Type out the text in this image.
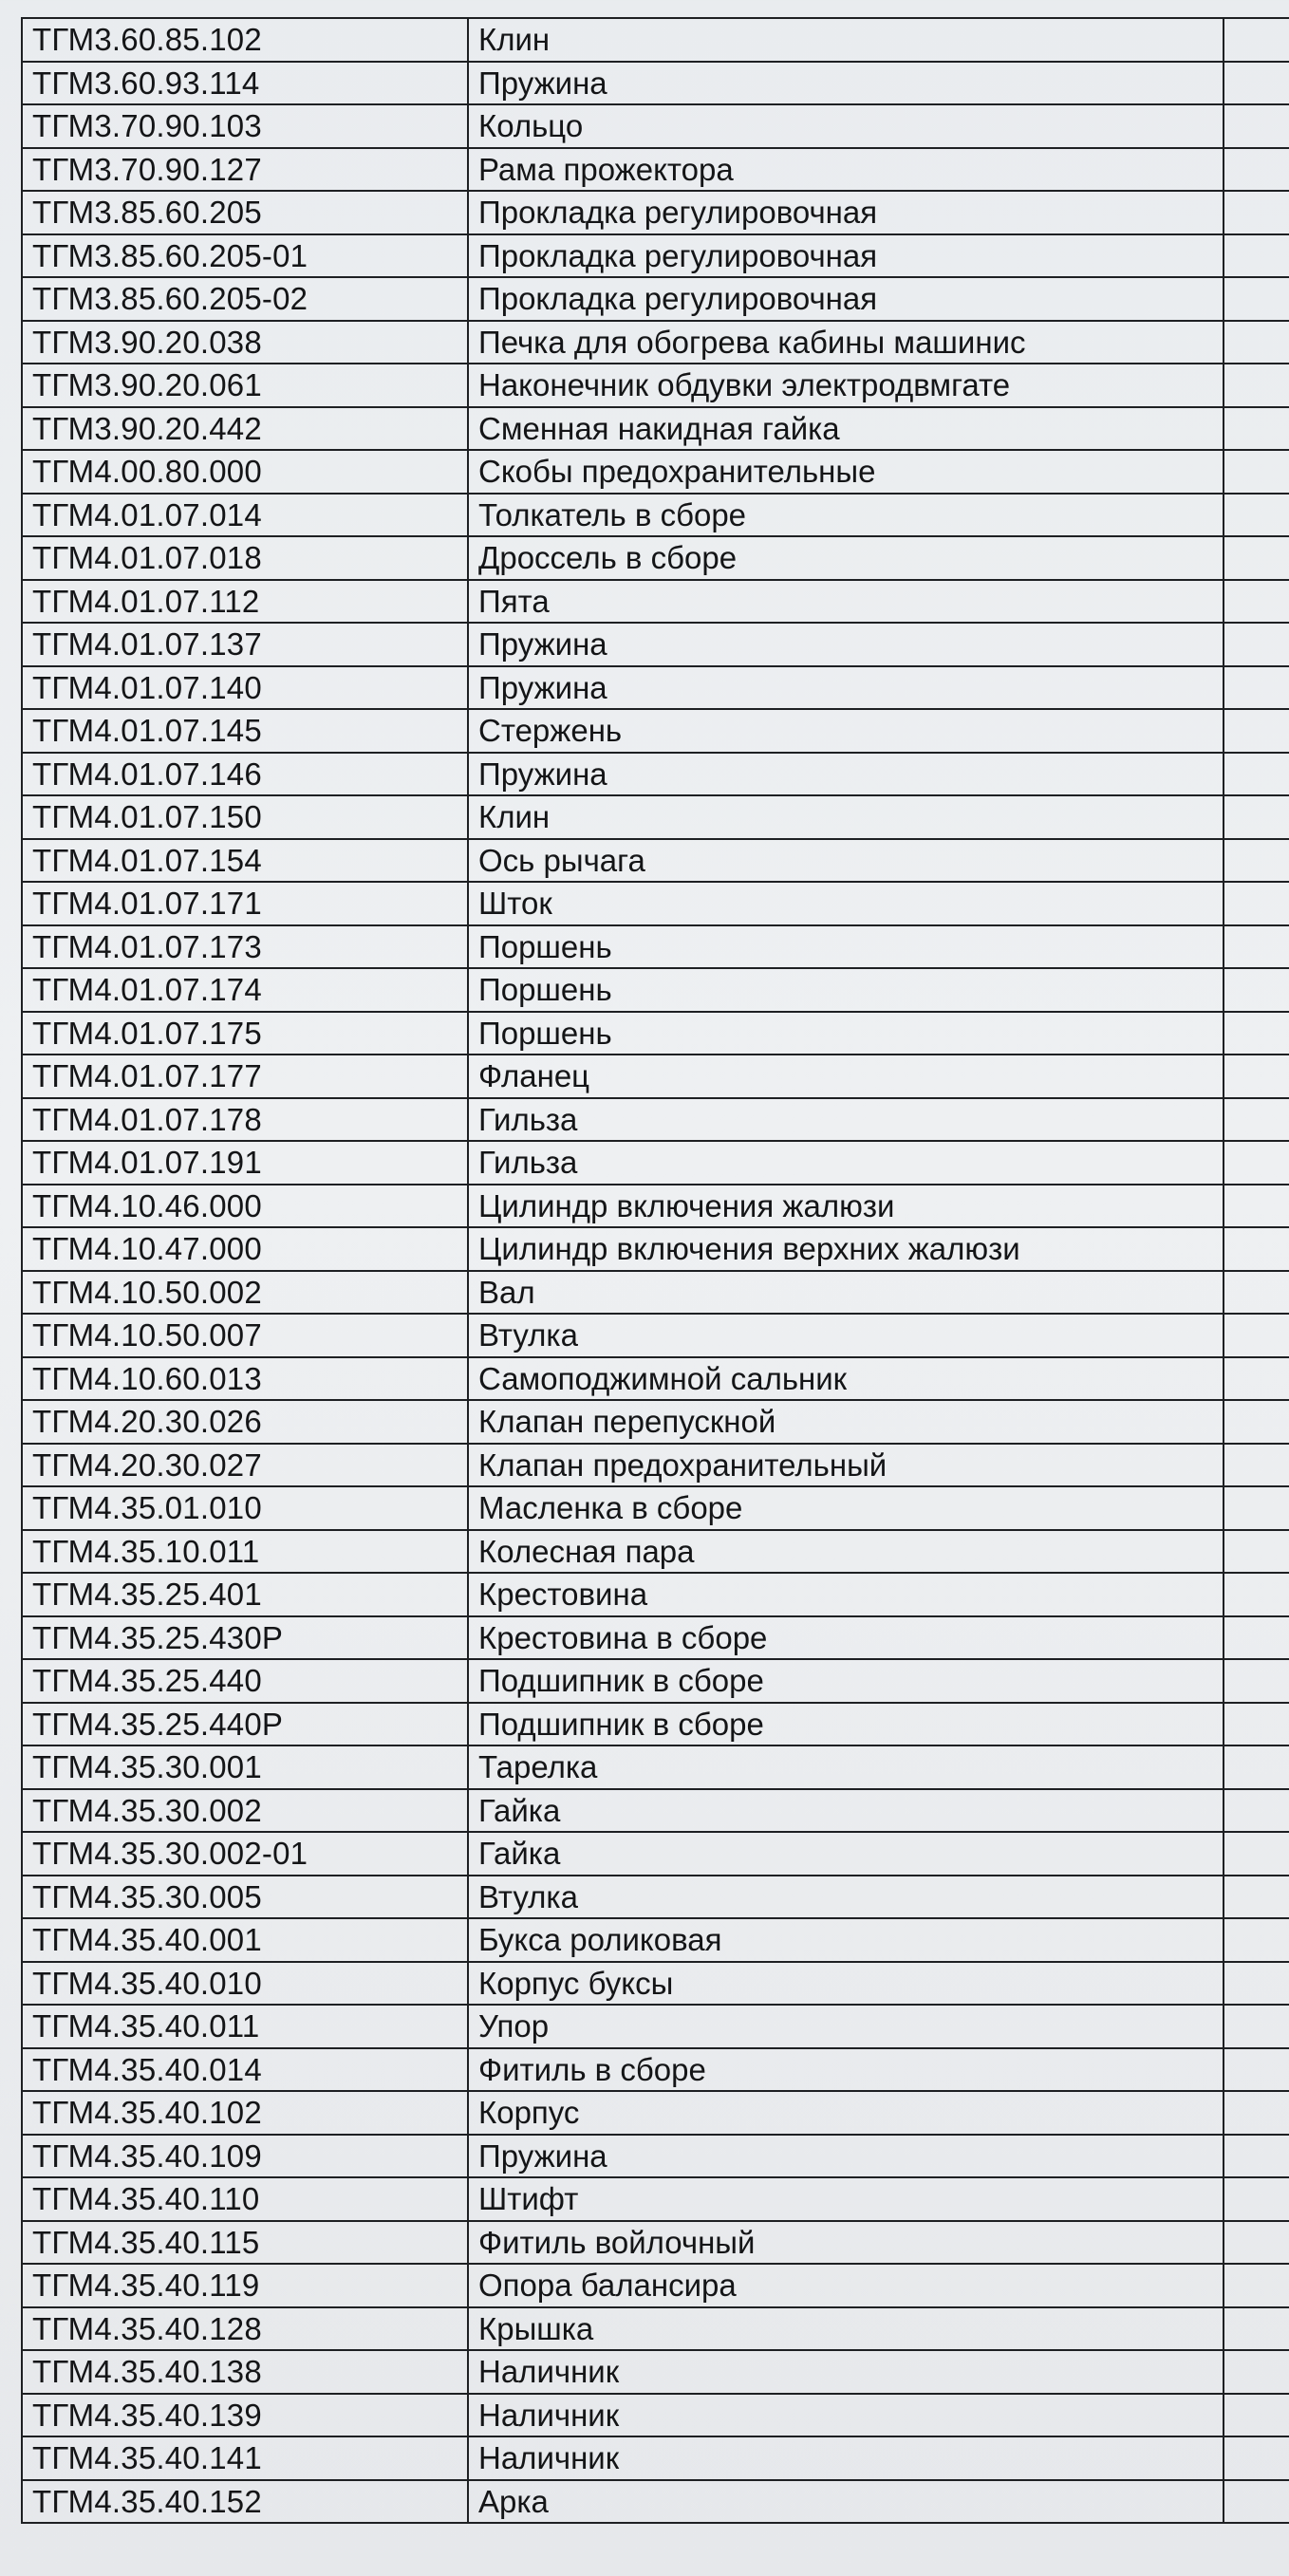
ТГМ3.60.85.102	Клин	
ТГМ3.60.93.114	Пружина	
ТГМ3.70.90.103	Кольцо	
ТГМ3.70.90.127	Рама прожектора	
ТГМ3.85.60.205	Прокладка регулировочная	
ТГМ3.85.60.205-01	Прокладка регулировочная	
ТГМ3.85.60.205-02	Прокладка регулировочная	
ТГМ3.90.20.038	Печка для обогрева кабины машинис	
ТГМ3.90.20.061	Наконечник обдувки электродвмгате	
ТГМ3.90.20.442	Сменная накидная гайка	
ТГМ4.00.80.000	Скобы предохранительные	
ТГМ4.01.07.014	Толкатель в сборе	
ТГМ4.01.07.018	Дроссель в сборе	
ТГМ4.01.07.112	Пята	
ТГМ4.01.07.137	Пружина	
ТГМ4.01.07.140	Пружина	
ТГМ4.01.07.145	Стержень	
ТГМ4.01.07.146	Пружина	
ТГМ4.01.07.150	Клин	
ТГМ4.01.07.154	Ось рычага	
ТГМ4.01.07.171	Шток	
ТГМ4.01.07.173	Поршень	
ТГМ4.01.07.174	Поршень	
ТГМ4.01.07.175	Поршень	
ТГМ4.01.07.177	Фланец	
ТГМ4.01.07.178	Гильза	
ТГМ4.01.07.191	Гильза	
ТГМ4.10.46.000	Цилиндр включения жалюзи	
ТГМ4.10.47.000	Цилиндр включения верхних жалюзи	
ТГМ4.10.50.002	Вал	
ТГМ4.10.50.007	Втулка	
ТГМ4.10.60.013	Самоподжимной сальник	
ТГМ4.20.30.026	Клапан перепускной	
ТГМ4.20.30.027	Клапан предохранительный	
ТГМ4.35.01.010	Масленка в сборе	
ТГМ4.35.10.011	Колесная пара	
ТГМ4.35.25.401	Крестовина	
ТГМ4.35.25.430Р	Крестовина в сборе	
ТГМ4.35.25.440	Подшипник в сборе	
ТГМ4.35.25.440Р	Подшипник в сборе	
ТГМ4.35.30.001	Тарелка	
ТГМ4.35.30.002	Гайка	
ТГМ4.35.30.002-01	Гайка	
ТГМ4.35.30.005	Втулка	
ТГМ4.35.40.001	Букса роликовая	
ТГМ4.35.40.010	Корпус буксы	
ТГМ4.35.40.011	Упор	
ТГМ4.35.40.014	Фитиль в сборе	
ТГМ4.35.40.102	Корпус	
ТГМ4.35.40.109	Пружина	
ТГМ4.35.40.110	Штифт	
ТГМ4.35.40.115	Фитиль войлочный	
ТГМ4.35.40.119	Опора балансира	
ТГМ4.35.40.128	Крышка	
ТГМ4.35.40.138	Наличник	
ТГМ4.35.40.139	Наличник	
ТГМ4.35.40.141	Наличник	
ТГМ4.35.40.152	Арка	
